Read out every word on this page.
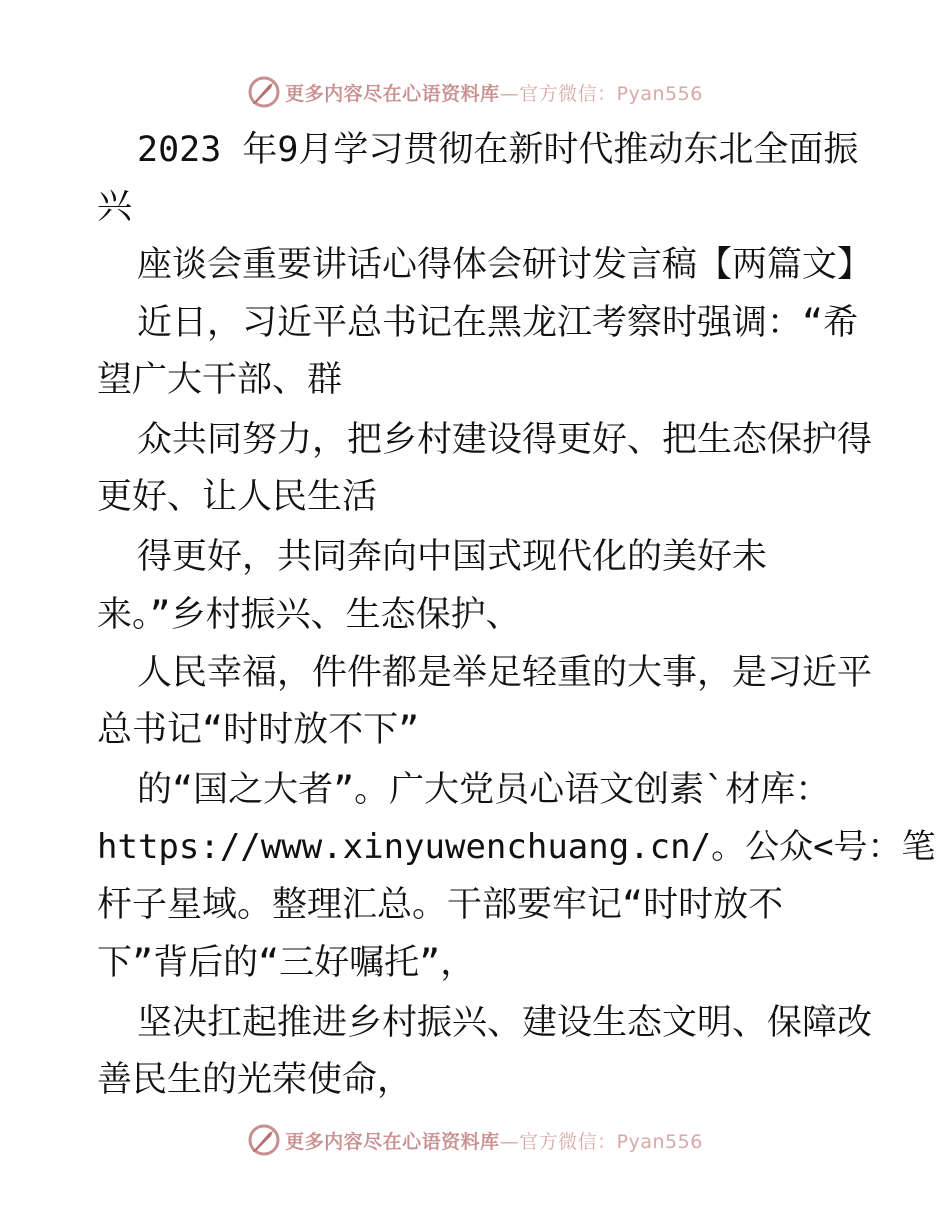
更多内容尽在心语资料库—官方微信：Pyan556
2023 年9月学习贯彻在新时代推动东北全面振
兴
座谈会重要讲话心得体会研讨发言稿【两篇文】
近日，习近平总书记在黑龙江考察时强调：“希
望广大干部、群
众共同努力，把乡村建设得更好、把生态保护得
更好、让人民生活
得更好，共同奔向中国式现代化的美好未
来。”乡村振兴、生态保护、
人民幸福，件件都是举足轻重的大事，是习近平
总书记“时时放不下”
的“国之大者”。广大党员心语文创素`材库：
https://www.xinyuwenchuang.cn/。公众<号：笔
杆子星域。整理汇总。干部要牢记“时时放不
下”背后的“三好嘱托”，
坚决扛起推进乡村振兴、建设生态文明、保障改
善民生的光荣使命，
更多内容尽在心语资料库—官方微信：Pyan556
